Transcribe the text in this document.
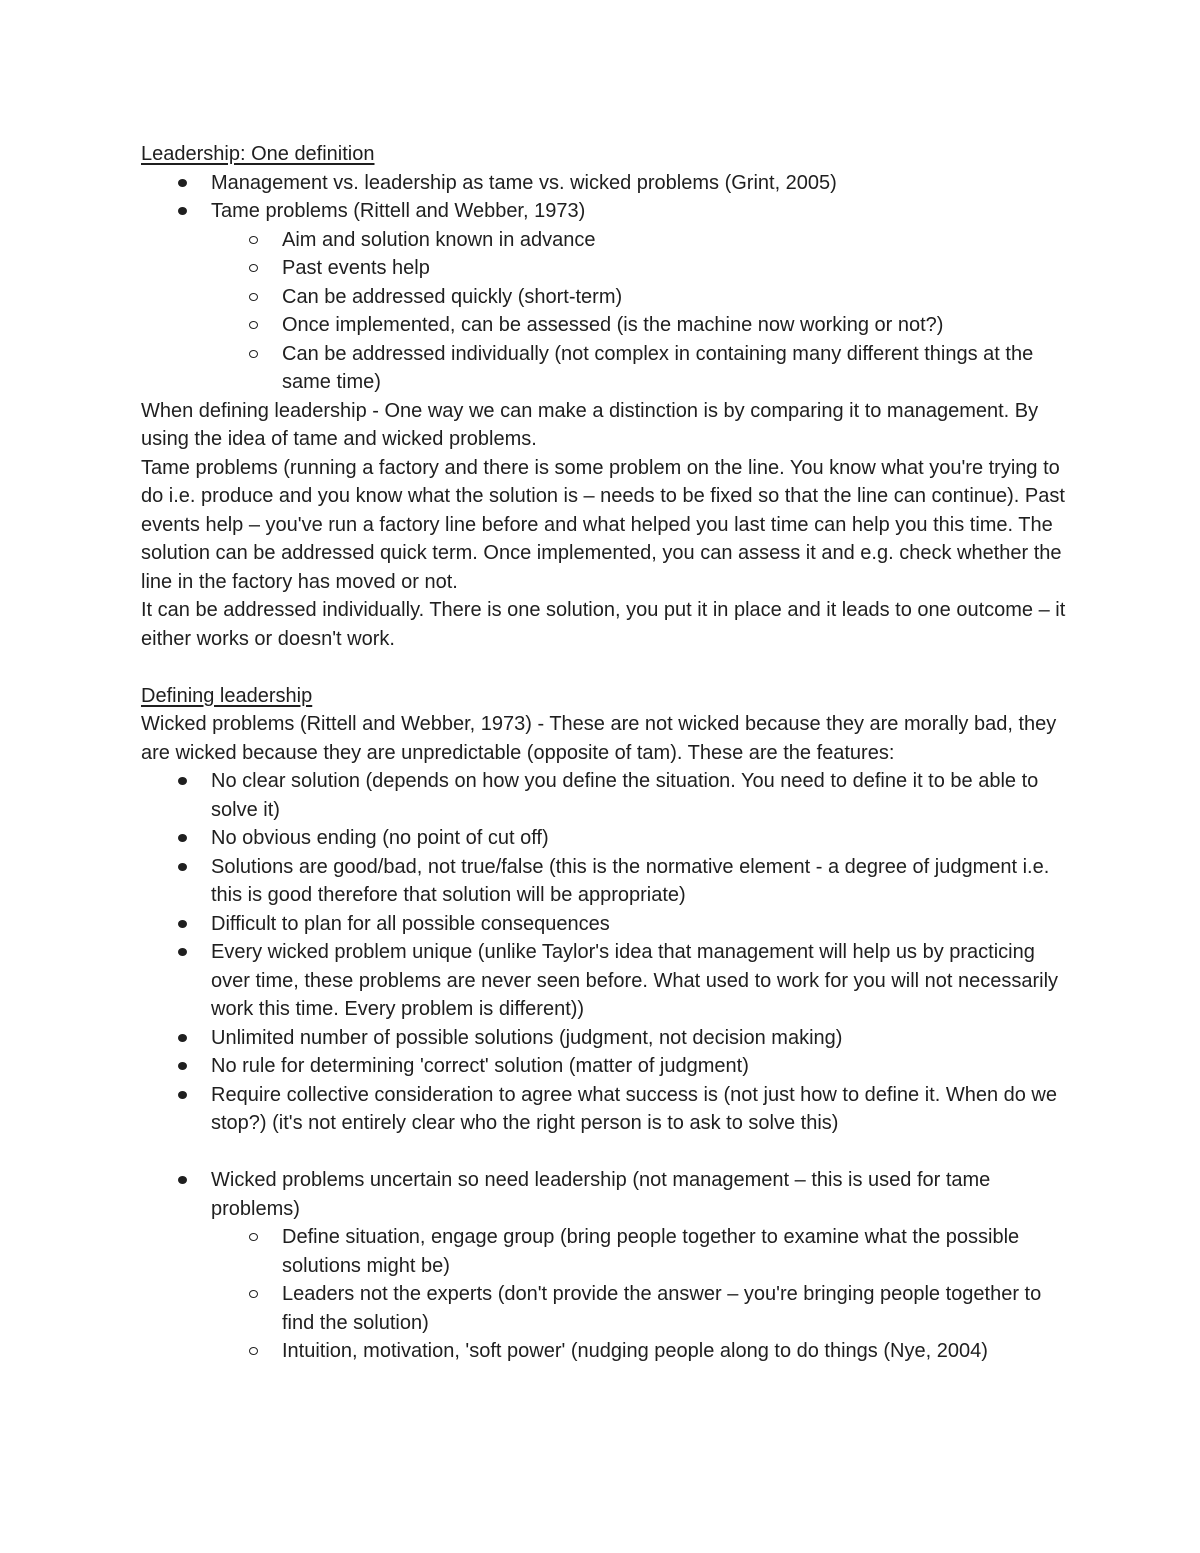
Leadership: One definition

Management vs. leadership as tame vs. wicked problems (Grint, 2005)
Tame problems (Rittell and Webber, 1973)
Aim and solution known in advance
Past events help
Can be addressed quickly (short-term)
Once implemented, can be assessed (is the machine now working or not?)
Can be addressed individually (not complex in containing many different things at the same time)

When defining leadership - One way we can make a distinction is by comparing it to management. By using the idea of tame and wicked problems.

Tame problems (running a factory and there is some problem on the line. You know what you're trying to do i.e. produce and you know what the solution is – needs to be fixed so that the line can continue). Past events help – you've run a factory line before and what helped you last time can help you this time. The solution can be addressed quick term. Once implemented, you can assess it and e.g. check whether the line in the factory has moved or not.

It can be addressed individually. There is one solution, you put it in place and it leads to one outcome – it either works or doesn't work.

Defining leadership

Wicked problems (Rittell and Webber, 1973) - These are not wicked because they are morally bad, they are wicked because they are unpredictable (opposite of tam). These are the features:

No clear solution (depends on how you define the situation. You need to define it to be able to solve it)
No obvious ending (no point of cut off)
Solutions are good/bad, not true/false (this is the normative element - a degree of judgment i.e. this is good therefore that solution will be appropriate)
Difficult to plan for all possible consequences
Every wicked problem unique (unlike Taylor's idea that management will help us by practicing over time, these problems are never seen before. What used to work for you will not necessarily work this time. Every problem is different))
Unlimited number of possible solutions (judgment, not decision making)
No rule for determining 'correct' solution (matter of judgment)
Require collective consideration to agree what success is (not just how to define it. When do we stop?) (it's not entirely clear who the right person is to ask to solve this)
Wicked problems uncertain so need leadership (not management – this is used for tame problems)
Define situation, engage group (bring people together to examine what the possible solutions might be)
Leaders not the experts (don't provide the answer – you're bringing people together to find the solution)
Intuition, motivation, 'soft power' (nudging people along to do things (Nye, 2004)
